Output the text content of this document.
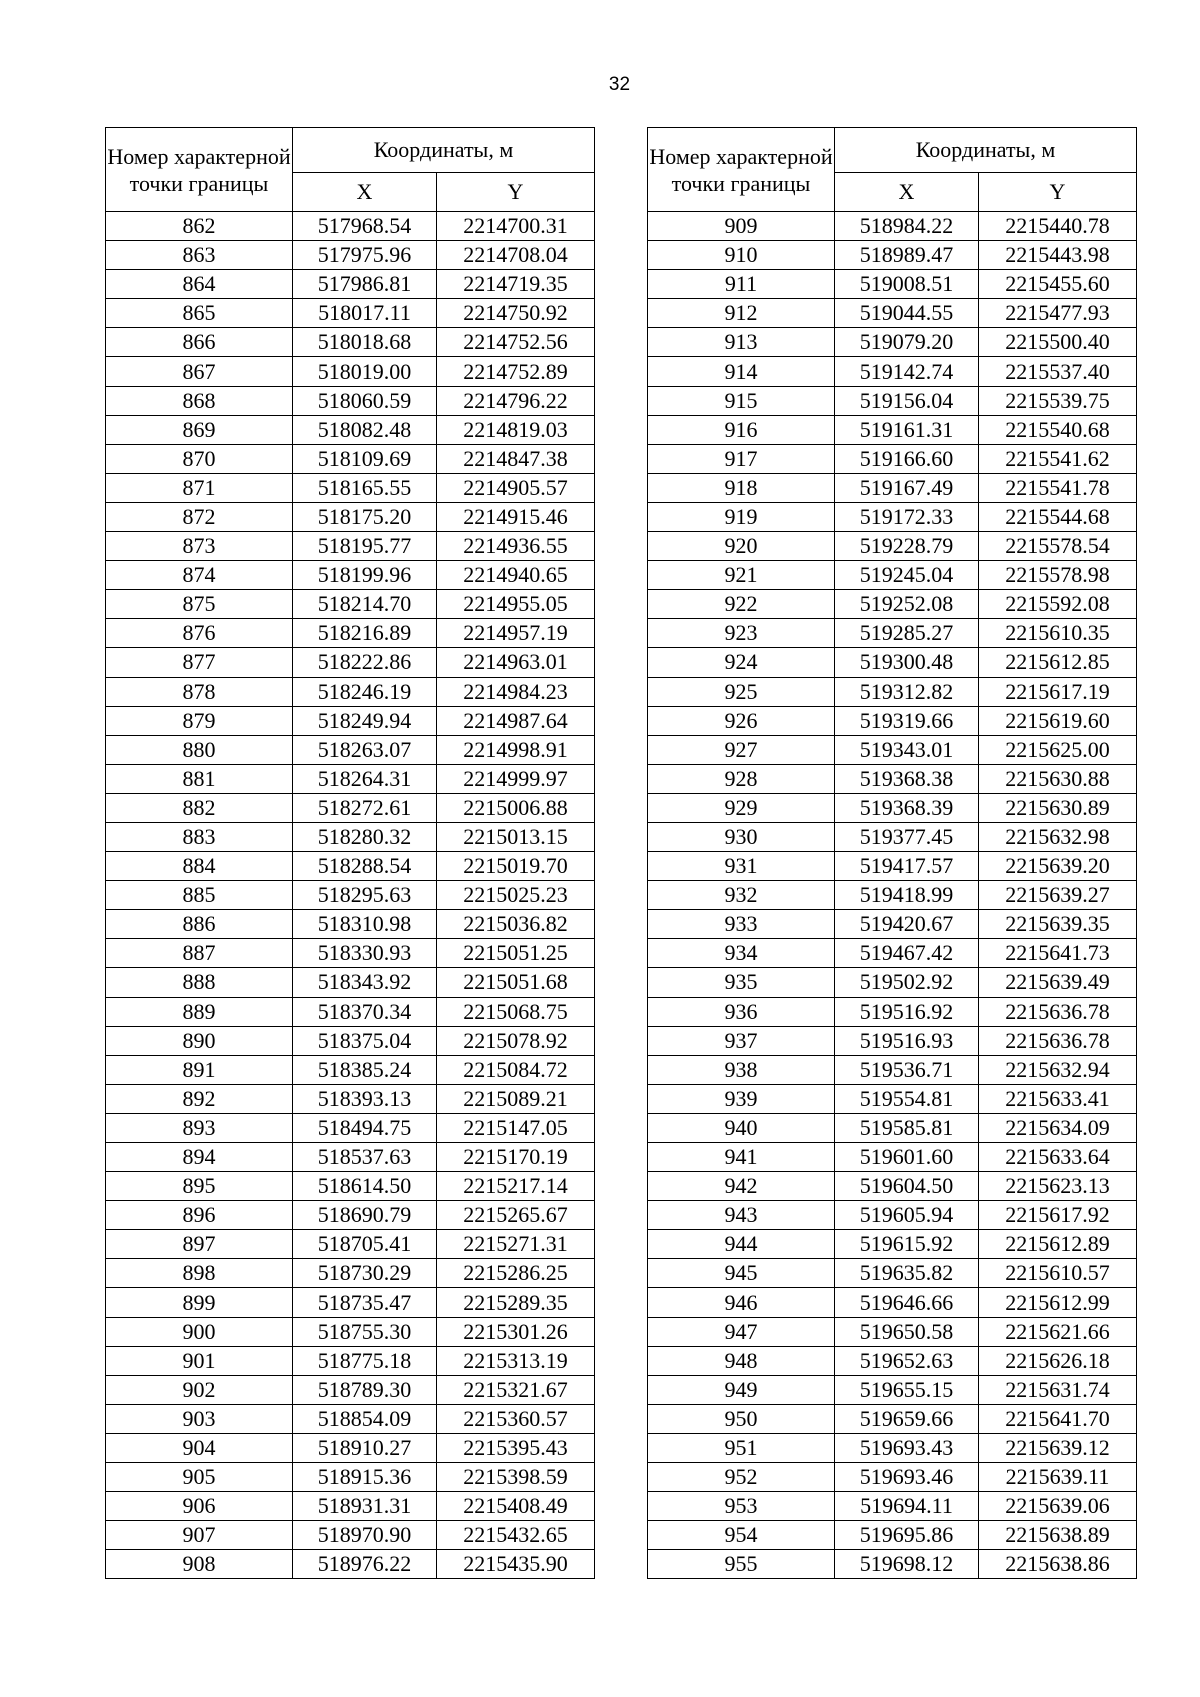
32
Номер характерной точки границы	Координаты, м	
	X	Y
862	517968.54	2214700.31
863	517975.96	2214708.04
864	517986.81	2214719.35
865	518017.11	2214750.92
866	518018.68	2214752.56
867	518019.00	2214752.89
868	518060.59	2214796.22
869	518082.48	2214819.03
870	518109.69	2214847.38
871	518165.55	2214905.57
872	518175.20	2214915.46
873	518195.77	2214936.55
874	518199.96	2214940.65
875	518214.70	2214955.05
876	518216.89	2214957.19
877	518222.86	2214963.01
878	518246.19	2214984.23
879	518249.94	2214987.64
880	518263.07	2214998.91
881	518264.31	2214999.97
882	518272.61	2215006.88
883	518280.32	2215013.15
884	518288.54	2215019.70
885	518295.63	2215025.23
886	518310.98	2215036.82
887	518330.93	2215051.25
888	518343.92	2215051.68
889	518370.34	2215068.75
890	518375.04	2215078.92
891	518385.24	2215084.72
892	518393.13	2215089.21
893	518494.75	2215147.05
894	518537.63	2215170.19
895	518614.50	2215217.14
896	518690.79	2215265.67
897	518705.41	2215271.31
898	518730.29	2215286.25
899	518735.47	2215289.35
900	518755.30	2215301.26
901	518775.18	2215313.19
902	518789.30	2215321.67
903	518854.09	2215360.57
904	518910.27	2215395.43
905	518915.36	2215398.59
906	518931.31	2215408.49
907	518970.90	2215432.65
908	518976.22	2215435.90
Номер характерной точки границы	Координаты, м	
	X	Y
909	518984.22	2215440.78
910	518989.47	2215443.98
911	519008.51	2215455.60
912	519044.55	2215477.93
913	519079.20	2215500.40
914	519142.74	2215537.40
915	519156.04	2215539.75
916	519161.31	2215540.68
917	519166.60	2215541.62
918	519167.49	2215541.78
919	519172.33	2215544.68
920	519228.79	2215578.54
921	519245.04	2215578.98
922	519252.08	2215592.08
923	519285.27	2215610.35
924	519300.48	2215612.85
925	519312.82	2215617.19
926	519319.66	2215619.60
927	519343.01	2215625.00
928	519368.38	2215630.88
929	519368.39	2215630.89
930	519377.45	2215632.98
931	519417.57	2215639.20
932	519418.99	2215639.27
933	519420.67	2215639.35
934	519467.42	2215641.73
935	519502.92	2215639.49
936	519516.92	2215636.78
937	519516.93	2215636.78
938	519536.71	2215632.94
939	519554.81	2215633.41
940	519585.81	2215634.09
941	519601.60	2215633.64
942	519604.50	2215623.13
943	519605.94	2215617.92
944	519615.92	2215612.89
945	519635.82	2215610.57
946	519646.66	2215612.99
947	519650.58	2215621.66
948	519652.63	2215626.18
949	519655.15	2215631.74
950	519659.66	2215641.70
951	519693.43	2215639.12
952	519693.46	2215639.11
953	519694.11	2215639.06
954	519695.86	2215638.89
955	519698.12	2215638.86
